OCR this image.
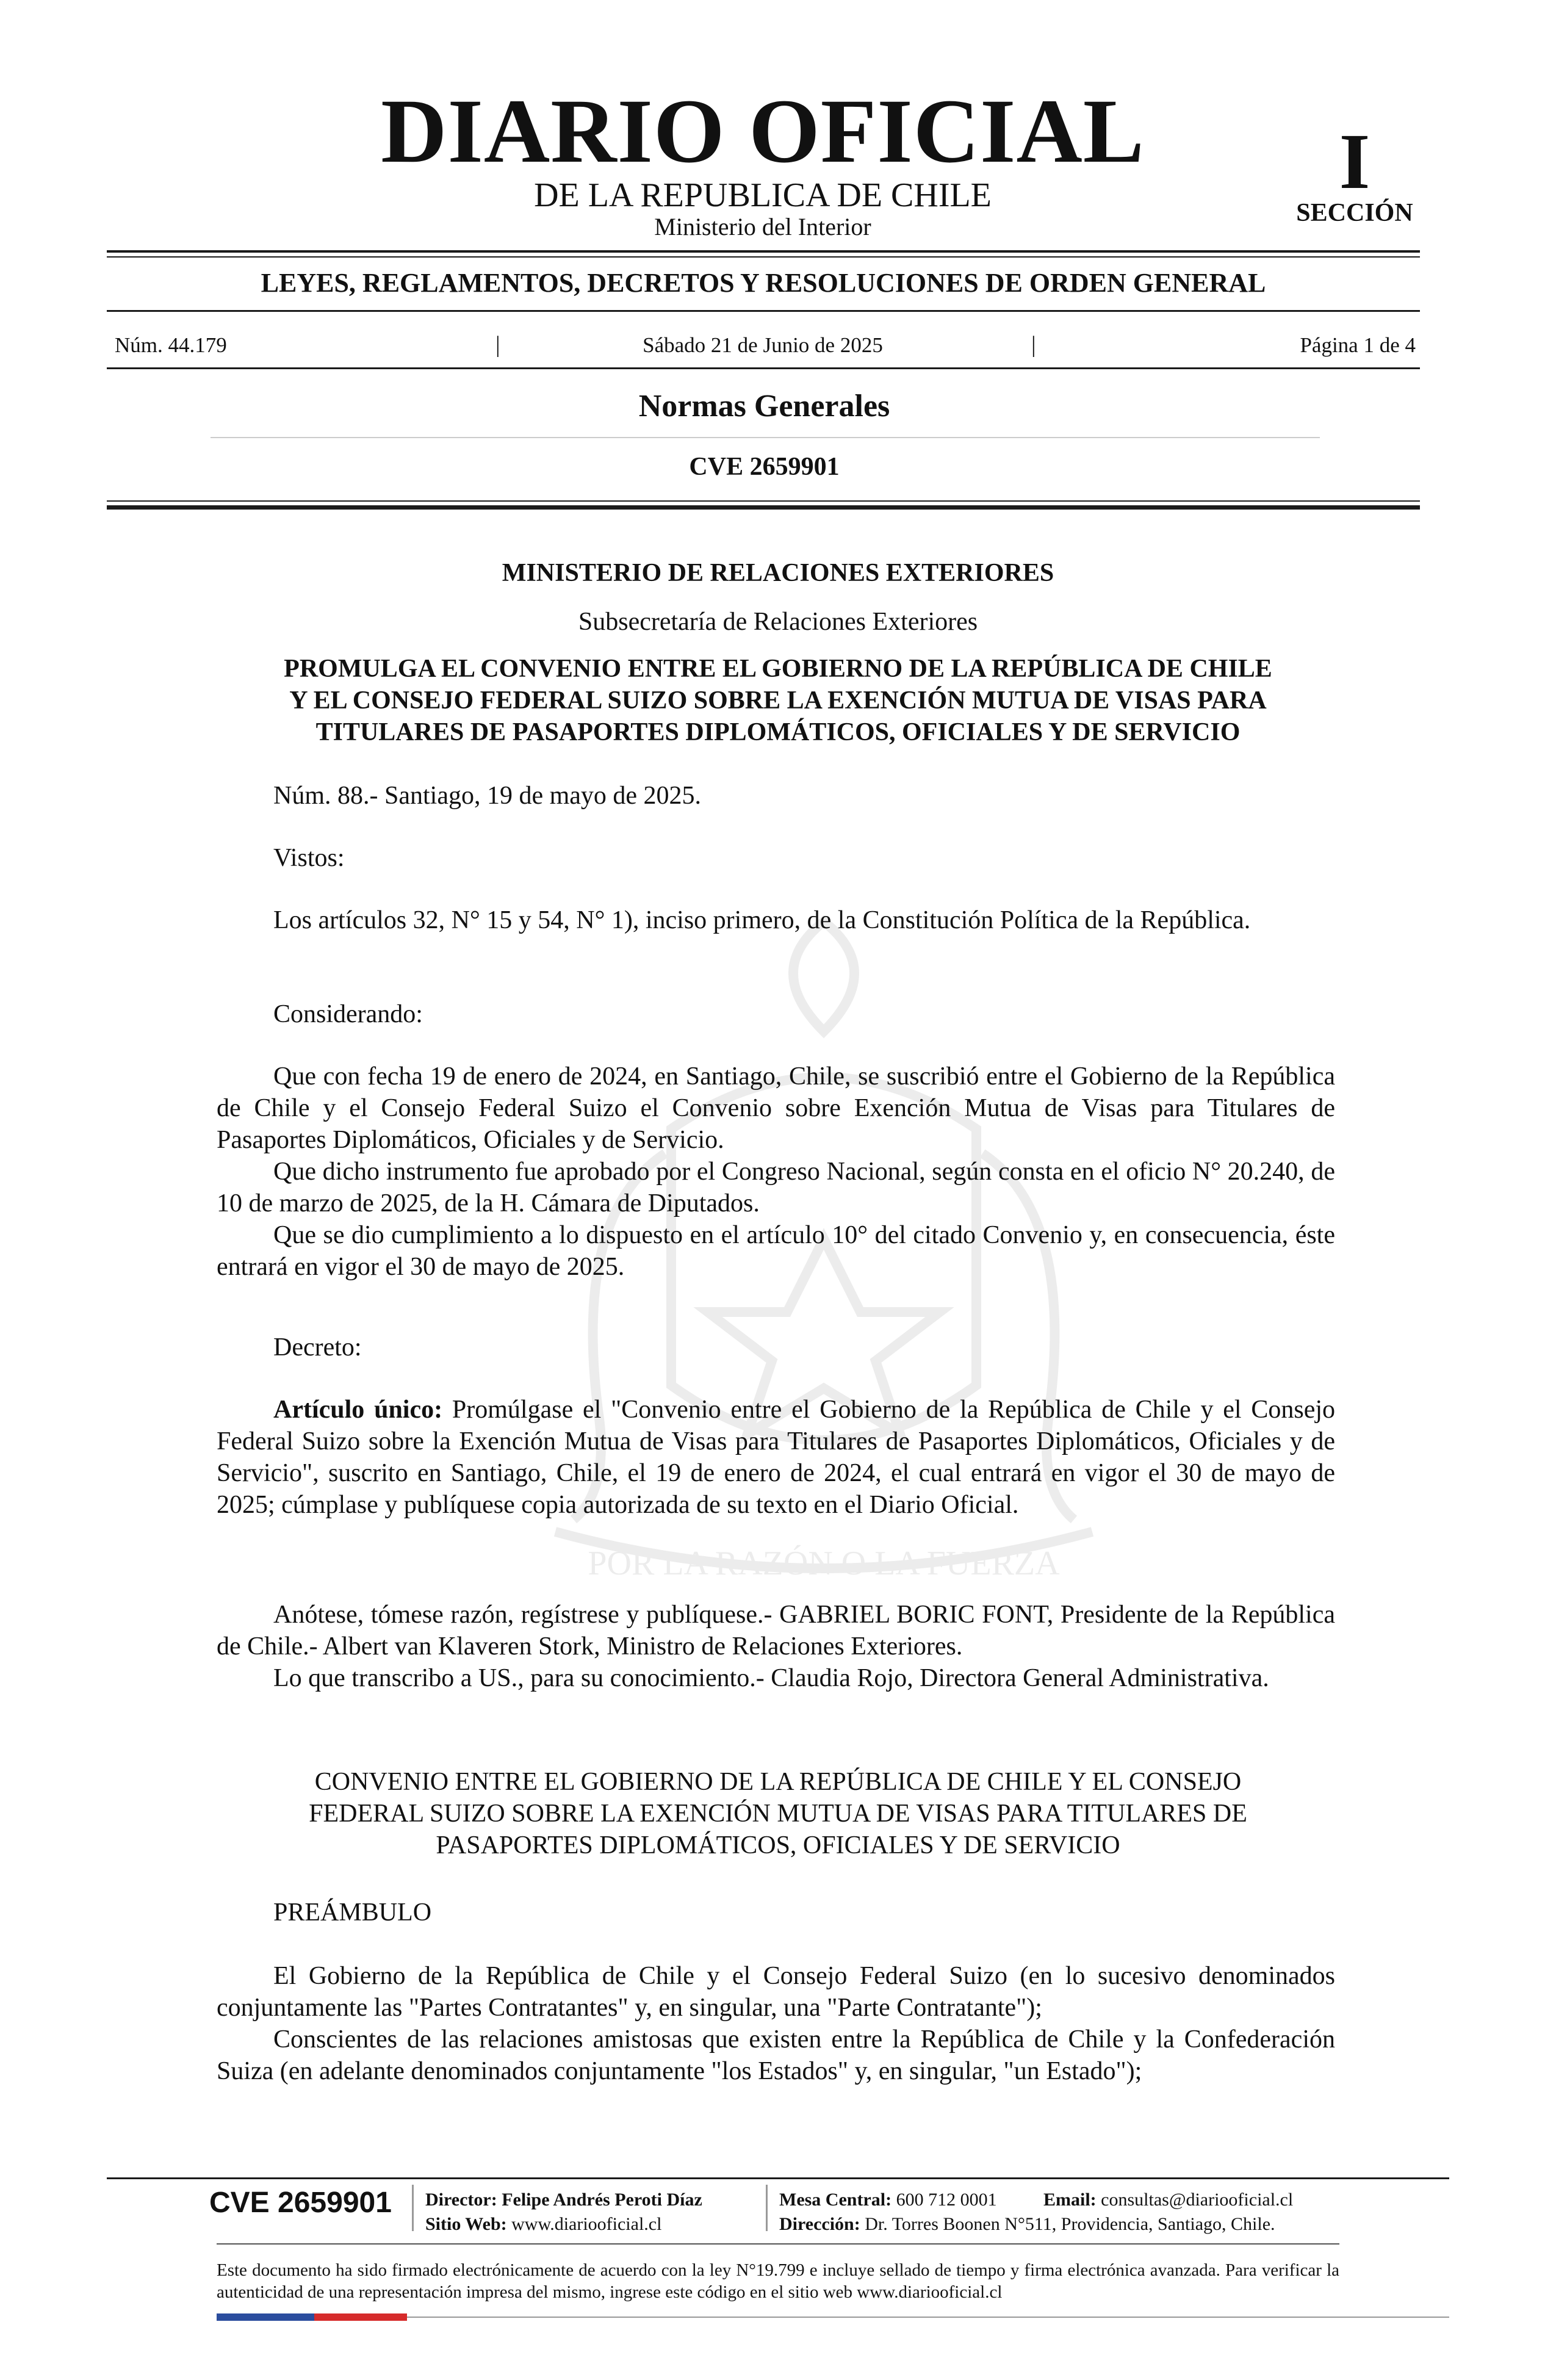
DIARIO OFICIAL
DE LA REPUBLICA DE CHILE
Ministerio del Interior
I
SECCIÓN
LEYES, REGLAMENTOS, DECRETOS Y RESOLUCIONES DE ORDEN GENERAL
Núm. 44.179	|	Sábado 21 de Junio de 2025	|	Página 1 de 4
Normas Generales
CVE 2659901
POR LA RAZÓN O LA FUERZA
MINISTERIO DE RELACIONES EXTERIORES
Subsecretaría de Relaciones Exteriores
PROMULGA EL CONVENIO ENTRE EL GOBIERNO DE LA REPÚBLICA DE CHILE
Y EL CONSEJO FEDERAL SUIZO SOBRE LA EXENCIÓN MUTUA DE VISAS PARA
TITULARES DE PASAPORTES DIPLOMÁTICOS, OFICIALES Y DE SERVICIO

Núm. 88.- Santiago, 19 de mayo de 2025.

Vistos:

Los artículos 32, N° 15 y 54, N° 1), inciso primero, de la Constitución Política de la República.

Considerando:

Que con fecha 19 de enero de 2024, en Santiago, Chile, se suscribió entre el Gobierno de la República de Chile y el Consejo Federal Suizo el Convenio sobre Exención Mutua de Visas para Titulares de Pasaportes Diplomáticos, Oficiales y de Servicio.

Que dicho instrumento fue aprobado por el Congreso Nacional, según consta en el oficio N° 20.240, de 10 de marzo de 2025, de la H. Cámara de Diputados.

Que se dio cumplimiento a lo dispuesto en el artículo 10° del citado Convenio y, en consecuencia, éste entrará en vigor el 30 de mayo de 2025.

Decreto:

Artículo único: Promúlgase el "Convenio entre el Gobierno de la República de Chile y el Consejo Federal Suizo sobre la Exención Mutua de Visas para Titulares de Pasaportes Diplomáticos, Oficiales y de Servicio", suscrito en Santiago, Chile, el 19 de enero de 2024, el cual entrará en vigor el 30 de mayo de 2025; cúmplase y publíquese copia autorizada de su texto en el Diario Oficial.

Anótese, tómese razón, regístrese y publíquese.- GABRIEL BORIC FONT, Presidente de la República de Chile.- Albert van Klaveren Stork, Ministro de Relaciones Exteriores.

Lo que transcribo a US., para su conocimiento.- Claudia Rojo, Directora General Administrativa.

CONVENIO ENTRE EL GOBIERNO DE LA REPÚBLICA DE CHILE Y EL CONSEJO
FEDERAL SUIZO SOBRE LA EXENCIÓN MUTUA DE VISAS PARA TITULARES DE
PASAPORTES DIPLOMÁTICOS, OFICIALES Y DE SERVICIO

PREÁMBULO

El Gobierno de la República de Chile y el Consejo Federal Suizo (en lo sucesivo denominados conjuntamente las "Partes Contratantes" y, en singular, una "Parte Contratante");

Conscientes de las relaciones amistosas que existen entre la República de Chile y la Confederación Suiza (en adelante denominados conjuntamente "los Estados" y, en singular, "un Estado");

CVE 2659901 Director: Felipe Andrés Peroti Díaz
Sitio Web: www.diariooficial.cl
Mesa Central: 600 712 0001	Email: consultas@diariooficial.cl
Dirección: Dr. Torres Boonen N°511, Providencia, Santiago, Chile.
Este documento ha sido firmado electrónicamente de acuerdo con la ley N°19.799 e incluye sellado de tiempo y firma electrónica avanzada. Para verificar la autenticidad de una representación impresa del mismo, ingrese este código en el sitio web www.diariooficial.cl
